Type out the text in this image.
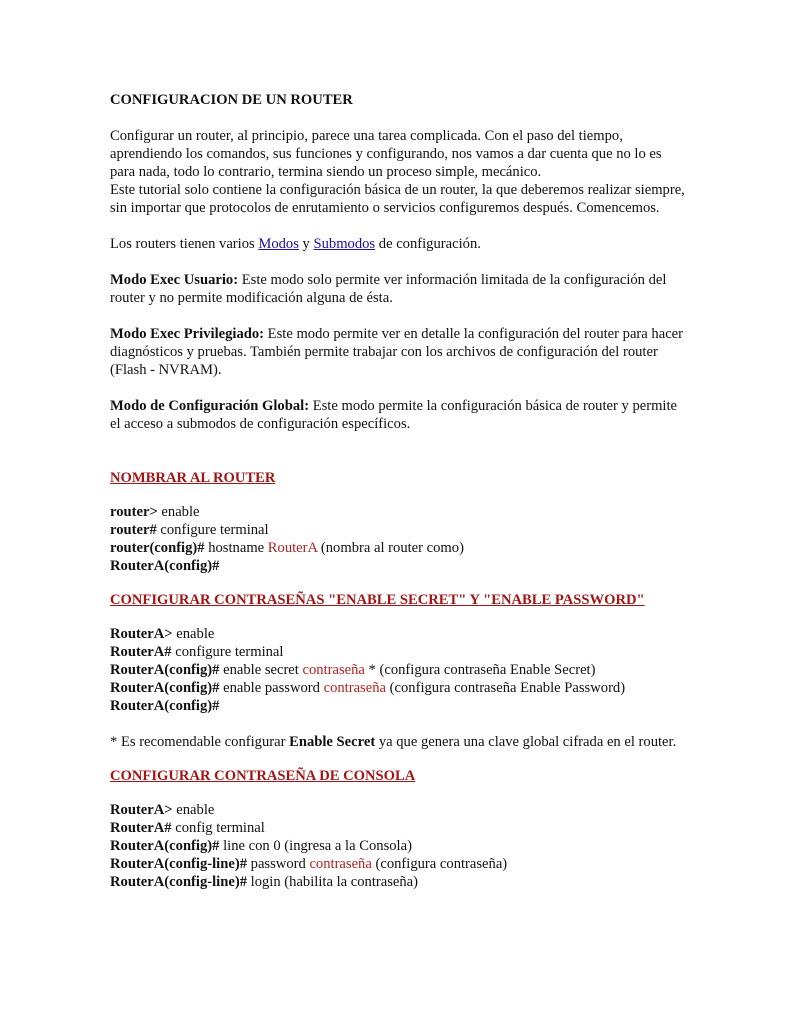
CONFIGURACION DE UN ROUTER

Configurar un router, al principio, parece una tarea complicada. Con el paso del tiempo, aprendiendo los comandos, sus funciones y configurando, nos vamos a dar cuenta que no lo es para nada, todo lo contrario, termina siendo un proceso simple, mecánico.

Este tutorial solo contiene la configuración básica de un router, la que deberemos realizar siempre, sin importar que protocolos de enrutamiento o servicios configuremos después. Comencemos.

Los routers tienen varios Modos y Submodos de configuración.

Modo Exec Usuario: Este modo solo permite ver información limitada de la configuración del router y no permite modificación alguna de ésta.

Modo Exec Privilegiado: Este modo permite ver en detalle la configuración del router para hacer diagnósticos y pruebas. También permite trabajar con los archivos de configuración del router (Flash - NVRAM).

Modo de Configuración Global: Este modo permite la configuración básica de router y permite el acceso a submodos de configuración específicos.

NOMBRAR AL ROUTER

router> enable

router# configure terminal

router(config)# hostname RouterA (nombra al router como)

RouterA(config)#

CONFIGURAR CONTRASEÑAS "ENABLE SECRET" Y "ENABLE PASSWORD"

RouterA> enable

RouterA# configure terminal

RouterA(config)# enable secret contraseña * (configura contraseña Enable Secret)

RouterA(config)# enable password contraseña (configura contraseña Enable Password)

RouterA(config)#

* Es recomendable configurar Enable Secret ya que genera una clave global cifrada en el router.

CONFIGURAR CONTRASEÑA DE CONSOLA

RouterA> enable

RouterA# config terminal

RouterA(config)# line con 0 (ingresa a la Consola)

RouterA(config-line)# password contraseña (configura contraseña)

RouterA(config-line)# login (habilita la contraseña)
